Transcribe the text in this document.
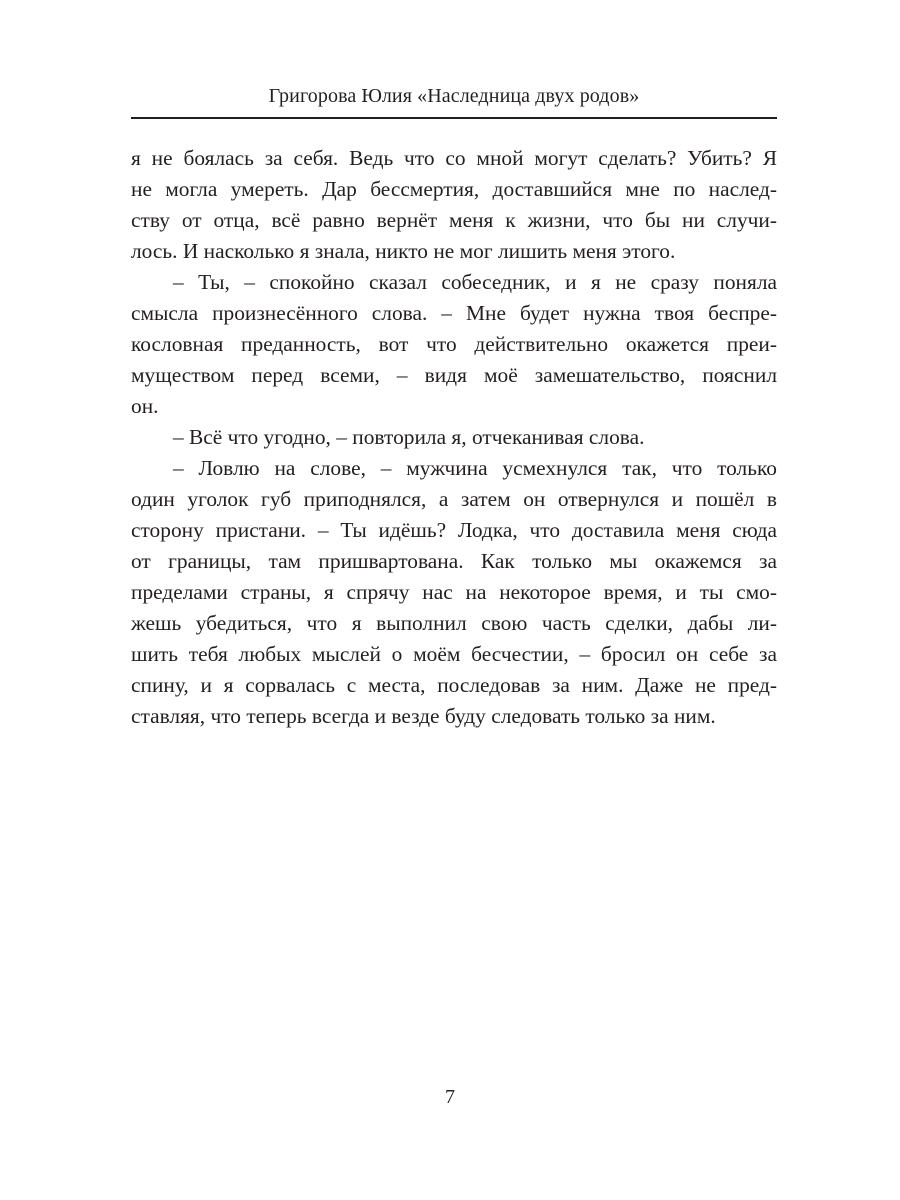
Григорова Юлия «Наследница двух родов»
я не боялась за себя. Ведь что со мной могут сделать? Убить? Я
не могла умереть. Дар бессмертия, доставшийся мне по наслед-
ству от отца, всё равно вернёт меня к жизни, что бы ни случи-
лось. И насколько я знала, никто не мог лишить меня этого.
– Ты, – спокойно сказал собеседник, и я не сразу поняла
смысла произнесённого слова. – Мне будет нужна твоя беспре-
кословная преданность, вот что действительно окажется преи-
муществом перед всеми, – видя моё замешательство, пояснил
он.
– Всё что угодно, – повторила я, отчеканивая слова.
– Ловлю на слове, – мужчина усмехнулся так, что только
один уголок губ приподнялся, а затем он отвернулся и пошёл в
сторону пристани. – Ты идёшь? Лодка, что доставила меня сюда
от границы, там пришвартована. Как только мы окажемся за
пределами страны, я спрячу нас на некоторое время, и ты смо-
жешь убедиться, что я выполнил свою часть сделки, дабы ли-
шить тебя любых мыслей о моём бесчестии, – бросил он себе за
спину, и я сорвалась с места, последовав за ним. Даже не пред-
ставляя, что теперь всегда и везде буду следовать только за ним.
7
